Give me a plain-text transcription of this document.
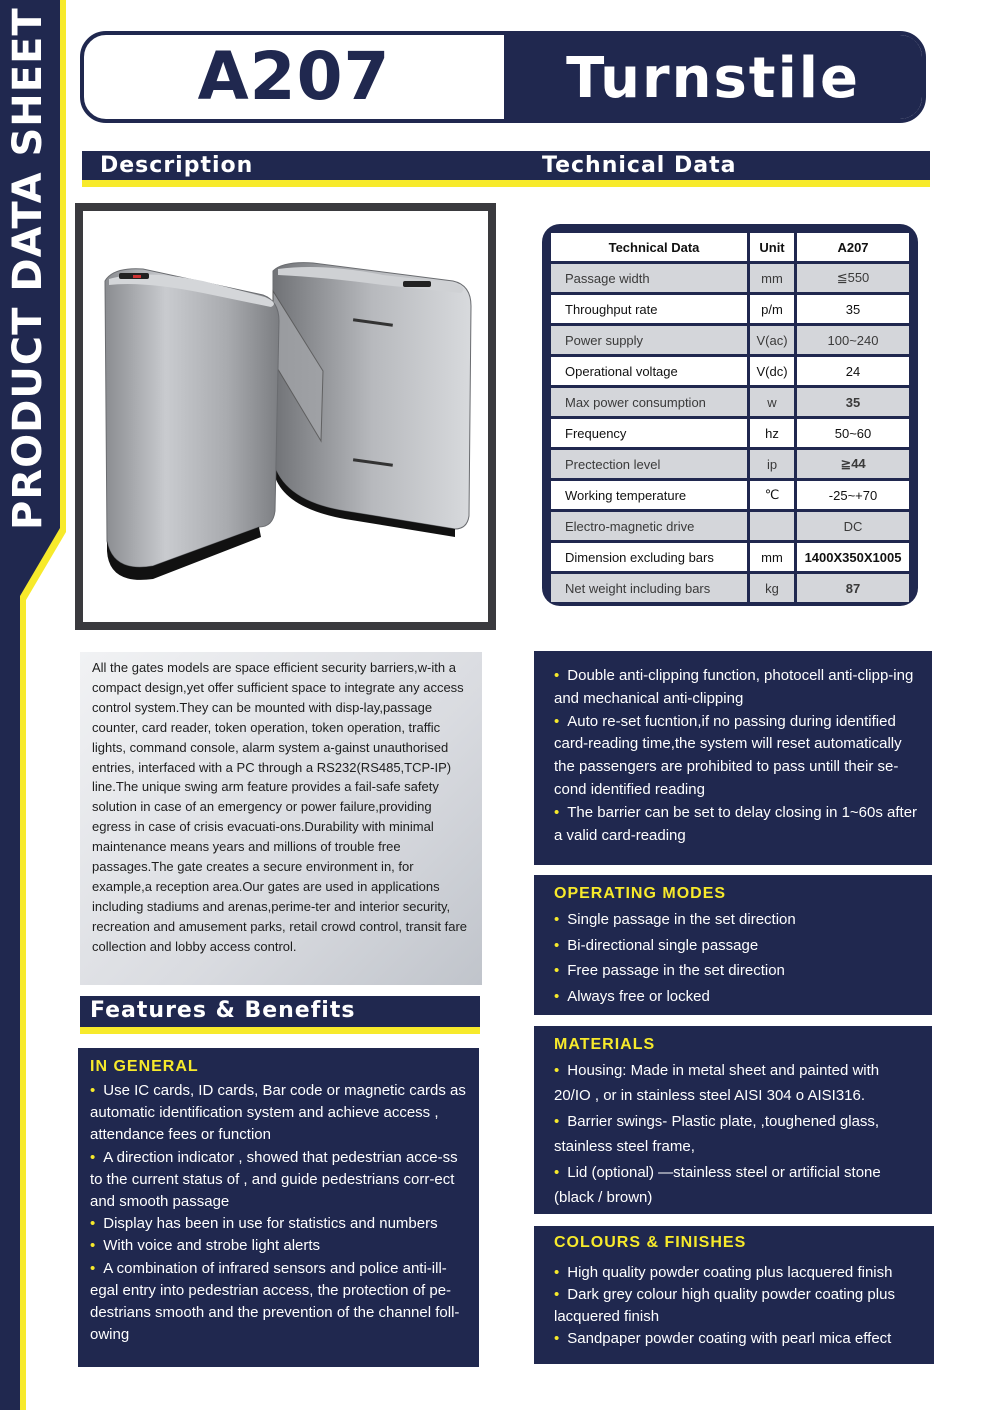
PRODUCT DATA SHEET	A207	Turnstile
Description	Technical Data
Technical Data	Unit	A207
Passage width	mm	≦550
Throughput rate	p/m	35
Power supply	V(ac)	100~240
Operational voltage	V(dc)	24
Max power consumption	w	35
Frequency	hz	50~60
Prectection level	ip	≧44
Working temperature	℃	-25~+70
Electro-magnetic drive		DC
Dimension excluding bars	mm	1400X350X1005
Net weight including bars	kg	87

All the gates models are space efficient security barriers,w-ith a compact design,yet offer sufficient space to integrate any access control system.They can be mounted with disp-lay,passage counter, card reader, token operation, token operation, traffic lights, command console, alarm system a-gainst unauthorised entries, interfaced with a PC through a RS232(RS485,TCP-IP) line.The unique swing arm feature provides a fail-safe safety solution in case of an emergency or power failure,providing egress in case of crisis evacuati-ons.Durability with minimal maintenance means years and millions of trouble free passages.The gate creates a secure environment in, for example,a reception area.Our gates are used in applications including stadiums and arenas,perime-ter and interior security, recreation and amusement parks, retail crowd control, transit fare collection and lobby access control.

Features & Benefits
IN GENERAL
• Use IC cards, ID cards, Bar code or magnetic cards as automatic identification system and achieve access , attendance fees or function
• A direction indicator , showed that pedestrian acce-ss to the current status of , and guide pedestrians corr-ect and smooth passage
• Display has been in use for statistics and numbers
• With voice and strobe light alerts
• A combination of infrared sensors and police anti-ill-egal entry into pedestrian access, the protection of pe-destrians smooth and the prevention of the channel foll-owing
• Double anti-clipping function, photocell anti-clipp-ing and mechanical anti-clipping
• Auto re-set fucntion,if no passing during identified card-reading time,the system will reset automatically the passengers are prohibited to pass untill their se-cond identified reading
• The barrier can be set to delay closing in 1~60s after a valid card-reading
OPERATING MODES
• Single passage in the set direction
• Bi-directional single passage
• Free passage in the set direction
• Always free or locked
MATERIALS
• Housing: Made in metal sheet and painted with 20/IO , or in stainless steel AISI 304 o AISI316.
• Barrier swings- Plastic plate, ,toughened glass, stainless steel frame,
• Lid (optional) —stainless steel or artificial stone (black / brown)
COLOURS & FINISHES
• High quality powder coating plus lacquered finish
• Dark grey colour high quality powder coating plus lacquered finish
• Sandpaper powder coating with pearl mica effect
